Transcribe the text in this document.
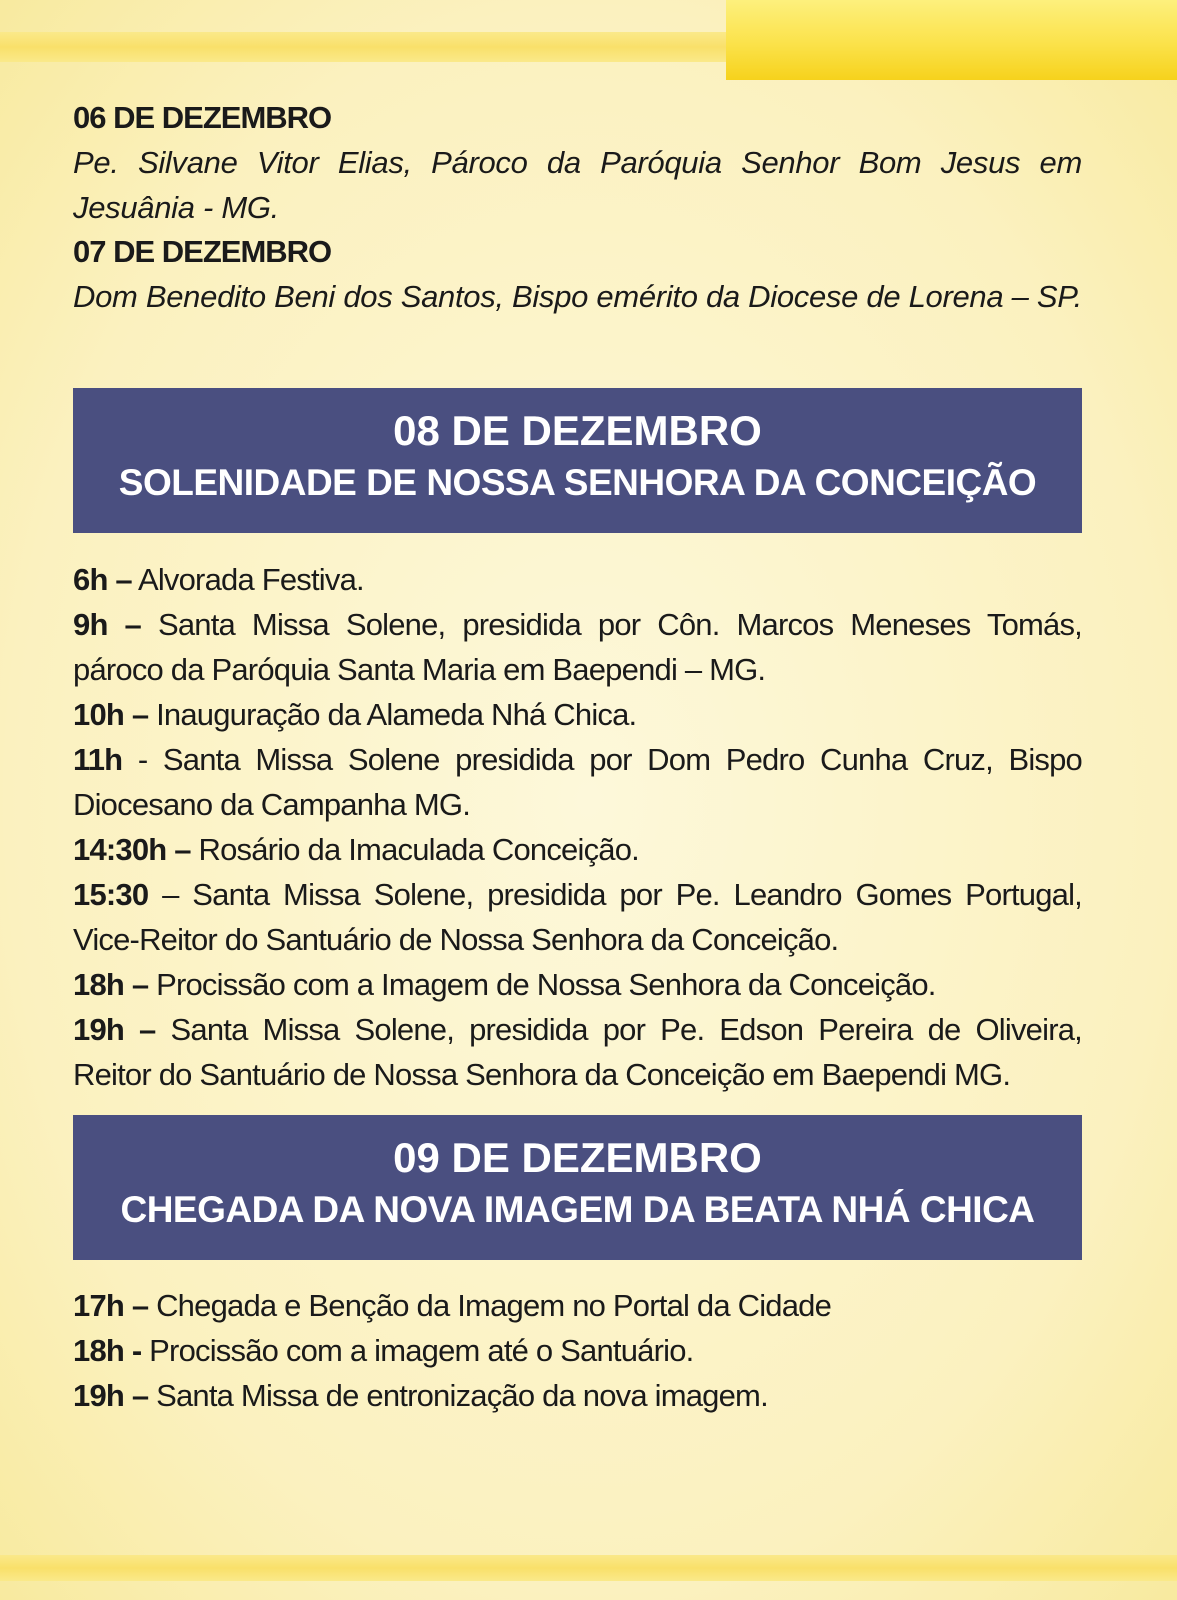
06 DE DEZEMBRO
Pe. Silvane Vitor Elias, Pároco da Paróquia Senhor Bom Jesus em Jesuânia - MG.
07 DE DEZEMBRO
Dom Benedito Beni dos Santos, Bispo emérito da Diocese de Lorena – SP.
08 DE DEZEMBRO
SOLENIDADE DE NOSSA SENHORA DA CONCEIÇÃO
6h – Alvorada Festiva.
9h – Santa Missa Solene, presidida por Côn. Marcos Meneses Tomás, pároco da Paróquia Santa Maria em Baependi – MG.
10h – Inauguração da Alameda Nhá Chica.
11h - Santa Missa Solene presidida por Dom Pedro Cunha Cruz, Bispo Diocesano da Campanha MG.
14:30h – Rosário da Imaculada Conceição.
15:30 – Santa Missa Solene, presidida por Pe. Leandro Gomes Portugal, Vice-Reitor do Santuário de Nossa Senhora da Conceição.
18h – Procissão com a Imagem de Nossa Senhora da Conceição.
19h – Santa Missa Solene, presidida por Pe. Edson Pereira de Oliveira, Reitor do Santuário de Nossa Senhora da Conceição em Baependi MG.
09 DE DEZEMBRO
CHEGADA DA NOVA IMAGEM DA BEATA NHÁ CHICA
17h – Chegada e Benção da Imagem no Portal da Cidade
18h - Procissão com a imagem até o Santuário.
19h – Santa Missa de entronização da nova imagem.
